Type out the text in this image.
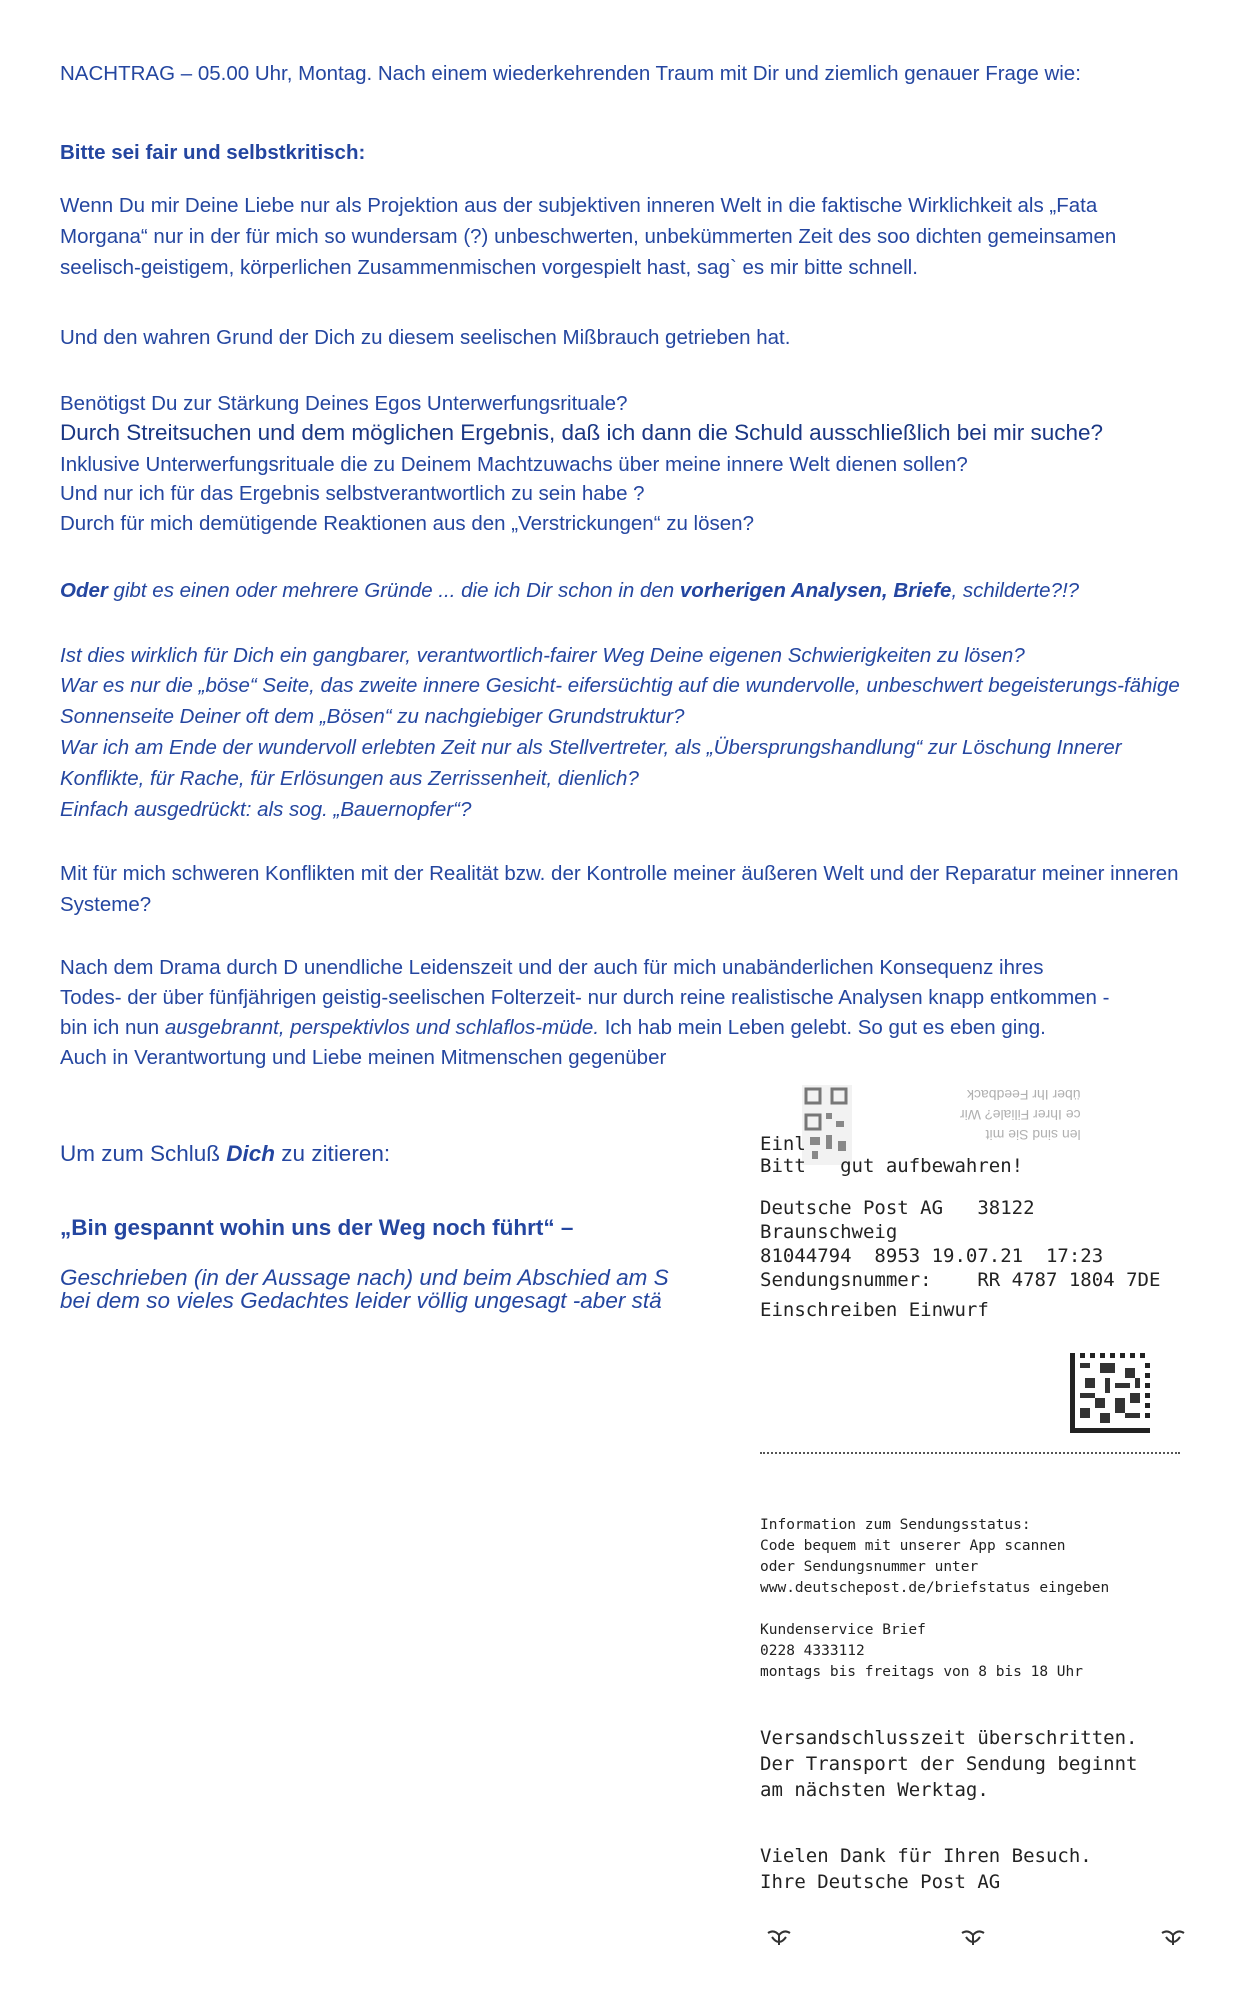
NACHTRAG – 05.00 Uhr, Montag. Nach einem wiederkehrenden Traum mit Dir und ziemlich genauer Frage wie:

Bitte sei fair und selbstkritisch:

Wenn Du mir Deine Liebe nur als Projektion aus der subjektiven inneren Welt in die faktische Wirklichkeit als „Fata Morgana“ nur in der für mich so wundersam (?) unbeschwerten, unbekümmerten Zeit des soo dichten gemeinsamen seelisch-geistigem, körperlichen Zusammenmischen vorgespielt hast, sag` es mir bitte schnell.

Und den wahren Grund der Dich zu diesem seelischen Mißbrauch getrieben hat.

Benötigst Du zur Stärkung Deines Egos Unterwerfungsrituale?

Durch Streitsuchen und dem möglichen Ergebnis, daß ich dann die Schuld ausschließlich bei mir suche?

Inklusive Unterwerfungsrituale die zu Deinem Machtzuwachs über meine innere Welt dienen sollen?

Und nur ich für das Ergebnis selbstverantwortlich zu sein habe ?

Durch für mich demütigende Reaktionen aus den „Verstrickungen“ zu lösen?

Oder gibt es einen oder mehrere Gründe ... die ich Dir schon in den vorherigen Analysen, Briefe, schilderte?!?

Ist dies wirklich für Dich ein gangbarer, verantwortlich-fairer Weg Deine eigenen Schwierigkeiten zu lösen?

War es nur die „böse“ Seite, das zweite innere Gesicht- eifersüchtig auf die wundervolle, unbeschwert begeisterungs-fähige Sonnenseite Deiner oft dem „Bösen“ zu nachgiebiger Grundstruktur?

War ich am Ende der wundervoll erlebten Zeit nur als Stellvertreter, als „Übersprungshandlung“ zur Löschung Innerer Konflikte, für Rache, für Erlösungen aus Zerrissenheit, dienlich?

Einfach ausgedrückt: als sog. „Bauernopfer“?

Mit für mich schweren Konflikten mit der Realität bzw. der Kontrolle meiner äußeren Welt und der Reparatur meiner inneren Systeme?

Nach dem Drama durch D unendliche Leidenszeit und der auch für mich unabänderlichen Konsequenz ihres

Todes- der über fünfjährigen geistig-seelischen Folterzeit- nur durch reine realistische Analysen knapp entkommen -

bin ich nun ausgebrannt, perspektivlos und schlaflos-müde. Ich hab mein Leben gelebt. So gut es eben ging.

Auch in Verantwortung und Liebe meinen Mitmenschen gegenüber

Um zum Schluß Dich zu zitieren:

„Bin gespannt wohin uns der Weg noch führt“ –

Geschrieben (in der Aussage nach) und beim Abschied am S

bei dem so vieles Gedachtes leider völlig ungesagt -aber stä

len sind Sie mit
ce Ihrer Filiale? Wir
über Ihr Feedback
Einl
Bitt   gut aufbewahren!
Deutsche Post AG   38122
Braunschweig
81044794  8953 19.07.21  17:23
Sendungsnummer: RR 4787 1804 7DE
Einschreiben Einwurf
Information zum Sendungsstatus:
Code bequem mit unserer App scannen
oder Sendungsnummer unter
www.deutschepost.de/briefstatus eingeben
Kundenservice Brief
0228 4333112
montags bis freitags von 8 bis 18 Uhr
Versandschlusszeit überschritten.
Der Transport der Sendung beginnt
am nächsten Werktag.
Vielen Dank für Ihren Besuch.
Ihre Deutsche Post AG
